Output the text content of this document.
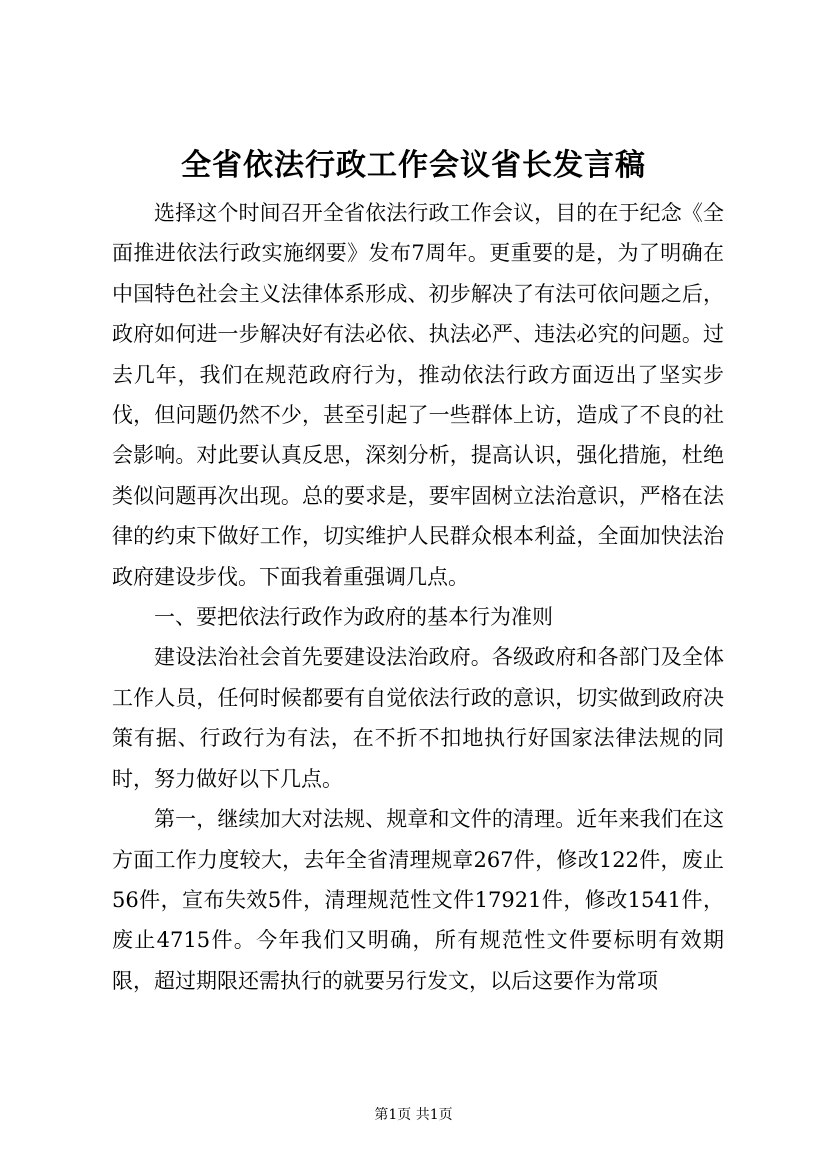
全省依法行政工作会议省长发言稿

选择这个时间召开全省依法行政工作会议，目的在于纪念《全面推进依法行政实施纲要》发布7周年。更重要的是，为了明确在中国特色社会主义法律体系形成、初步解决了有法可依问题之后，政府如何进一步解决好有法必依、执法必严、违法必究的问题。过去几年，我们在规范政府行为，推动依法行政方面迈出了坚实步伐，但问题仍然不少，甚至引起了一些群体上访，造成了不良的社会影响。对此要认真反思，深刻分析，提高认识，强化措施，杜绝类似问题再次出现。总的要求是，要牢固树立法治意识，严格在法律的约束下做好工作，切实维护人民群众根本利益，全面加快法治政府建设步伐。下面我着重强调几点。

一、要把依法行政作为政府的基本行为准则

建设法治社会首先要建设法治政府。各级政府和各部门及全体工作人员，任何时候都要有自觉依法行政的意识，切实做到政府决策有据、行政行为有法，在不折不扣地执行好国家法律法规的同时，努力做好以下几点。

第一，继续加大对法规、规章和文件的清理。近年来我们在这方面工作力度较大，去年全省清理规章267件，修改122件，废止56件，宣布失效5件，清理规范性文件17921件，修改1541件，废止4715件。今年我们又明确，所有规范性文件要标明有效期限，超过期限还需执行的就要另行发文，以后这要作为常项

第1页 共1页
